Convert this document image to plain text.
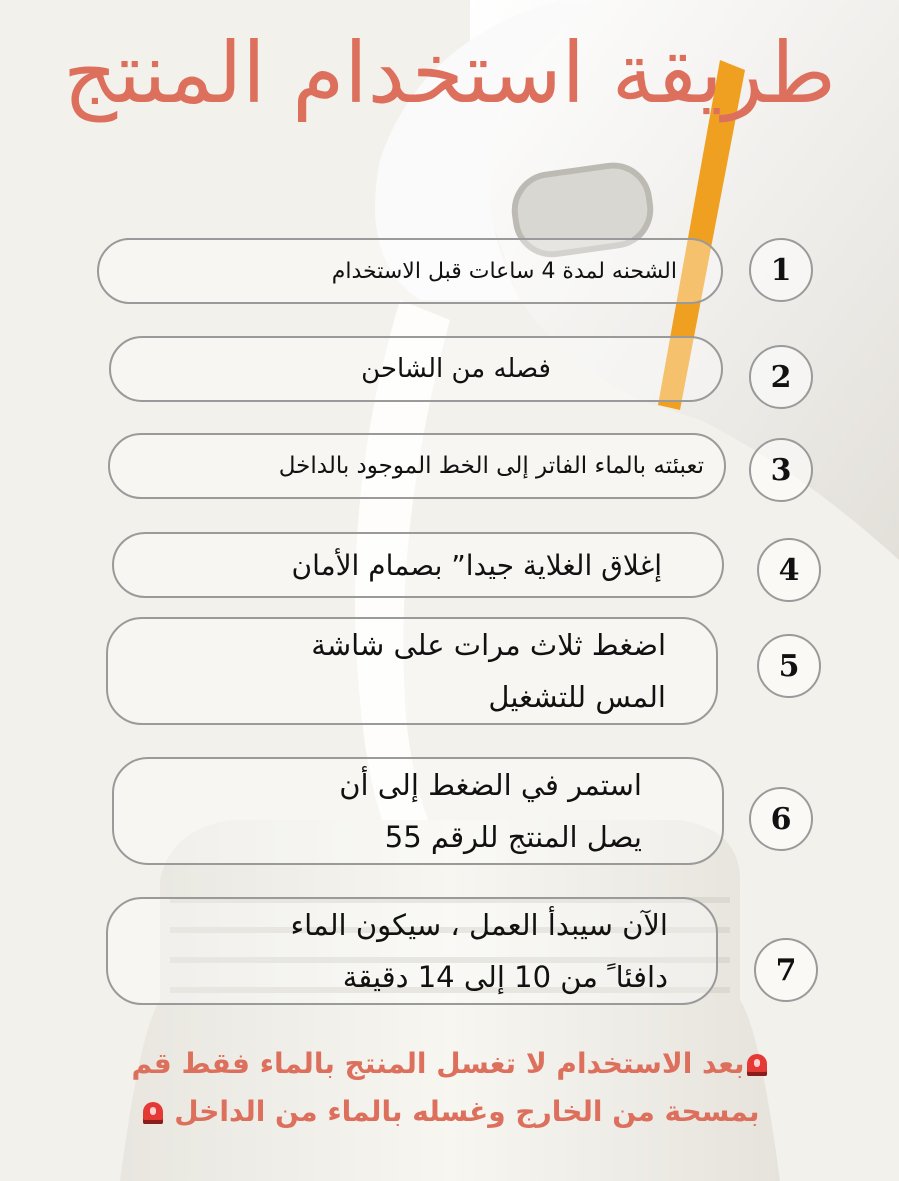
طريقة استخدام المنتج
الشحنه لمدة 4 ساعات قبل الاستخدام	1
فصله من الشاحن	2
تعبئته بالماء الفاتر إلى الخط الموجود بالداخل	3
إغلاق الغلاية جيدا” بصمام الأمان	4
اضغط ثلاث مرات على شاشة المس للتشغيل
5
استمر في الضغط إلى أن يصل المنتج للرقم 55
6
الآن سيبدأ العمل ، سيكون الماء دافئا ً من 10 إلى 14 دقيقة	7
بعد الاستخدام لا تغسل المنتج بالماء فقط قم
بمسحة من الخارج وغسله بالماء من الداخل
